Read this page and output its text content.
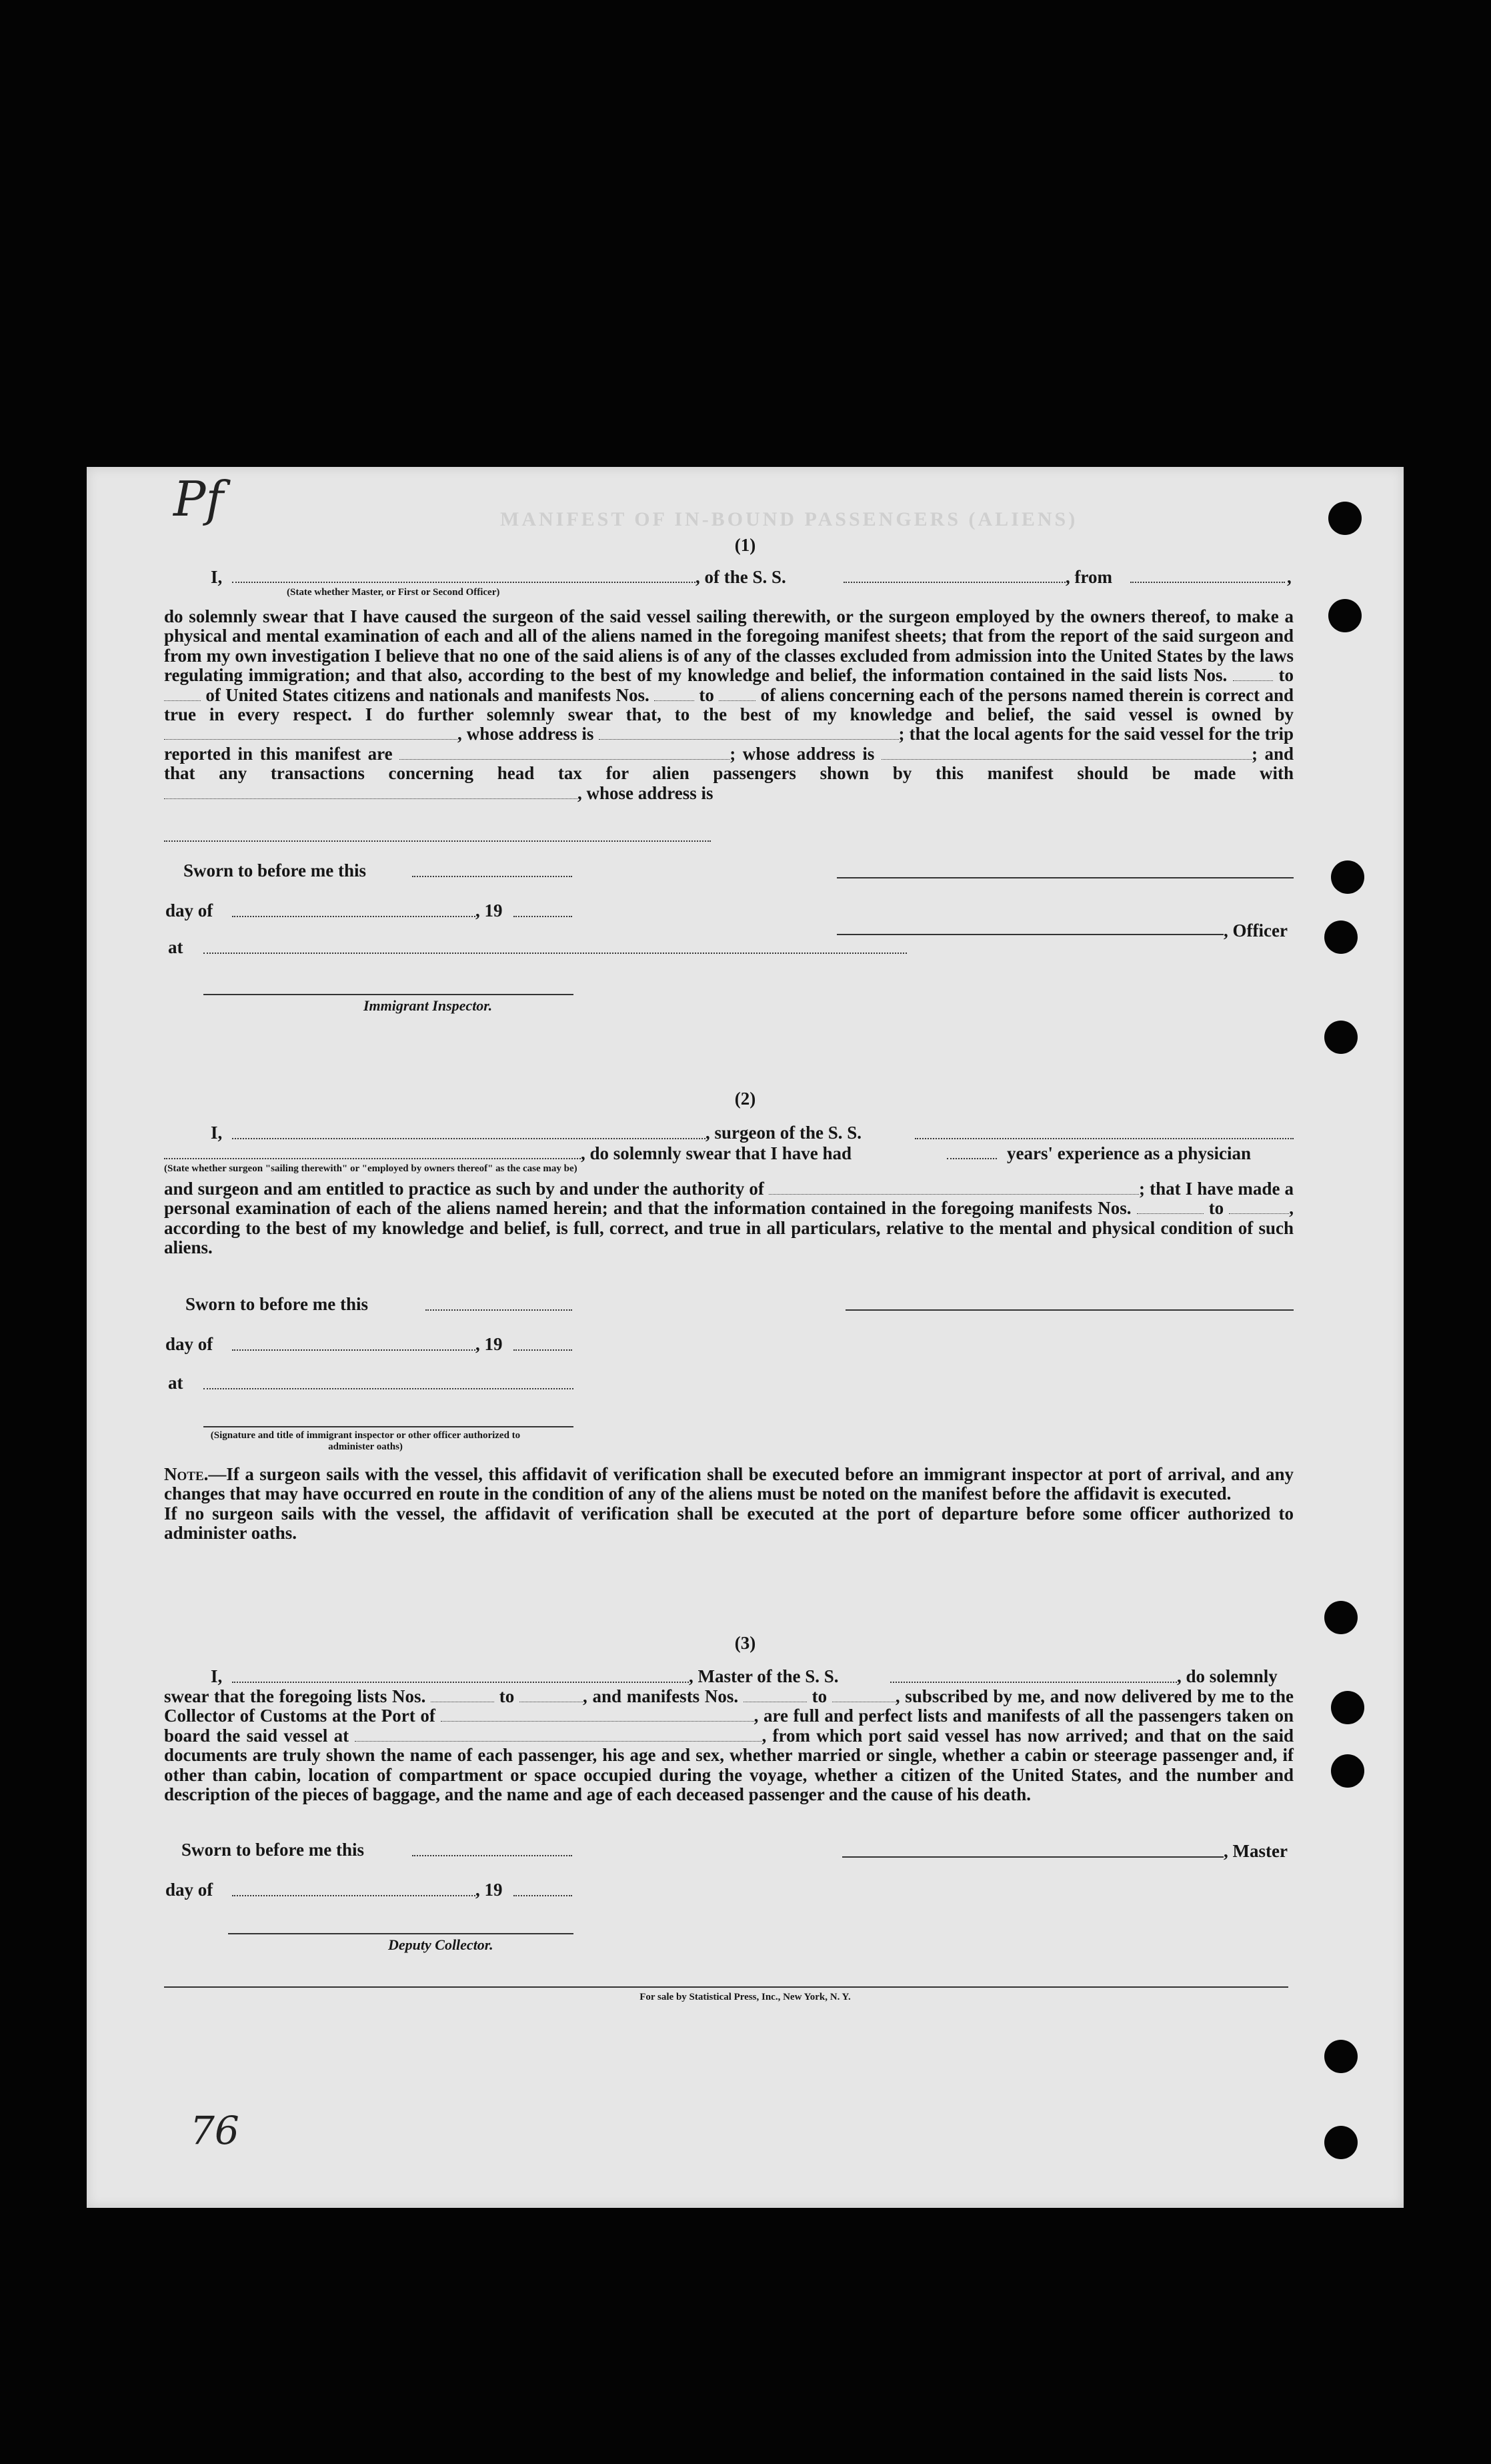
Pf
76
MANIFEST OF IN-BOUND PASSENGERS (ALIENS)
(1)
I,	, of the S. S.	, from	,
(State whether Master, or First or Second Officer)

do solemnly swear that I have caused the surgeon of the said vessel sailing therewith, or the surgeon employed by the owners thereof, to make a physical and mental examination of each and all of the aliens named in the foregoing manifest sheets; that from the report of the said surgeon and from my own investigation I believe that no one of the said aliens is of any of the classes excluded from admission into the United States by the laws regulating immigration; and that also, according to the best of my knowledge and belief, the information contained in the said lists Nos.	to  of United States citizens and nationals and manifests Nos.	to	of aliens concerning each of the persons named therein is correct and true in every respect. I do further solemnly swear that, to the best of my knowledge and belief, the said vessel is owned by , whose address is	; that the local agents for the said vessel for the trip reported in this manifest are	; whose address is	; and that any transactions concerning head tax for alien passengers shown by this manifest should be made with , whose address is

Sworn to before me this
day of	, 19
, Officer
at
Immigrant Inspector.
(2)
I,	, surgeon of the S. S.
, do solemnly swear that I have had	years' experience as a physician
(State whether surgeon "sailing therewith" or "employed by owners thereof" as the case may be)

and surgeon and am entitled to practice as such by and under the authority of	; that I have made a personal examination of each of the aliens named herein; and that the information contained in the foregoing manifests Nos.	to	, according to the best of my knowledge and belief, is full, correct, and true in all particulars, relative to the mental and physical condition of such aliens.

Sworn to before me this
day of	, 19
at
(Signature and title of immigrant inspector or other officer authorized to administer oaths)

Note.—If a surgeon sails with the vessel, this affidavit of verification shall be executed before an immigrant inspector at port of arrival, and any changes that may have occurred en route in the condition of any of the aliens must be noted on the manifest before the affidavit is executed.

If no surgeon sails with the vessel, the affidavit of verification shall be executed at the port of departure before some officer authorized to administer oaths.

(3)
I,	, Master of the S. S.	, do solemnly

swear that the foregoing lists Nos.	to	, and manifests Nos.	to	, subscribed by me, and now delivered by me to the Collector of Customs at the Port of	, are full and perfect lists and manifests of all the passengers taken on board the said vessel at	, from which port said vessel has now arrived; and that on the said documents are truly shown the name of each passenger, his age and sex, whether married or single, whether a cabin or steerage passenger and, if other than cabin, location of compartment or space occupied during the voyage, whether a citizen of the United States, and the number and description of the pieces of baggage, and the name and age of each deceased passenger and the cause of his death.

Sworn to before me this	, Master
day of	, 19
Deputy Collector.
For sale by Statistical Press, Inc., New York, N. Y.
